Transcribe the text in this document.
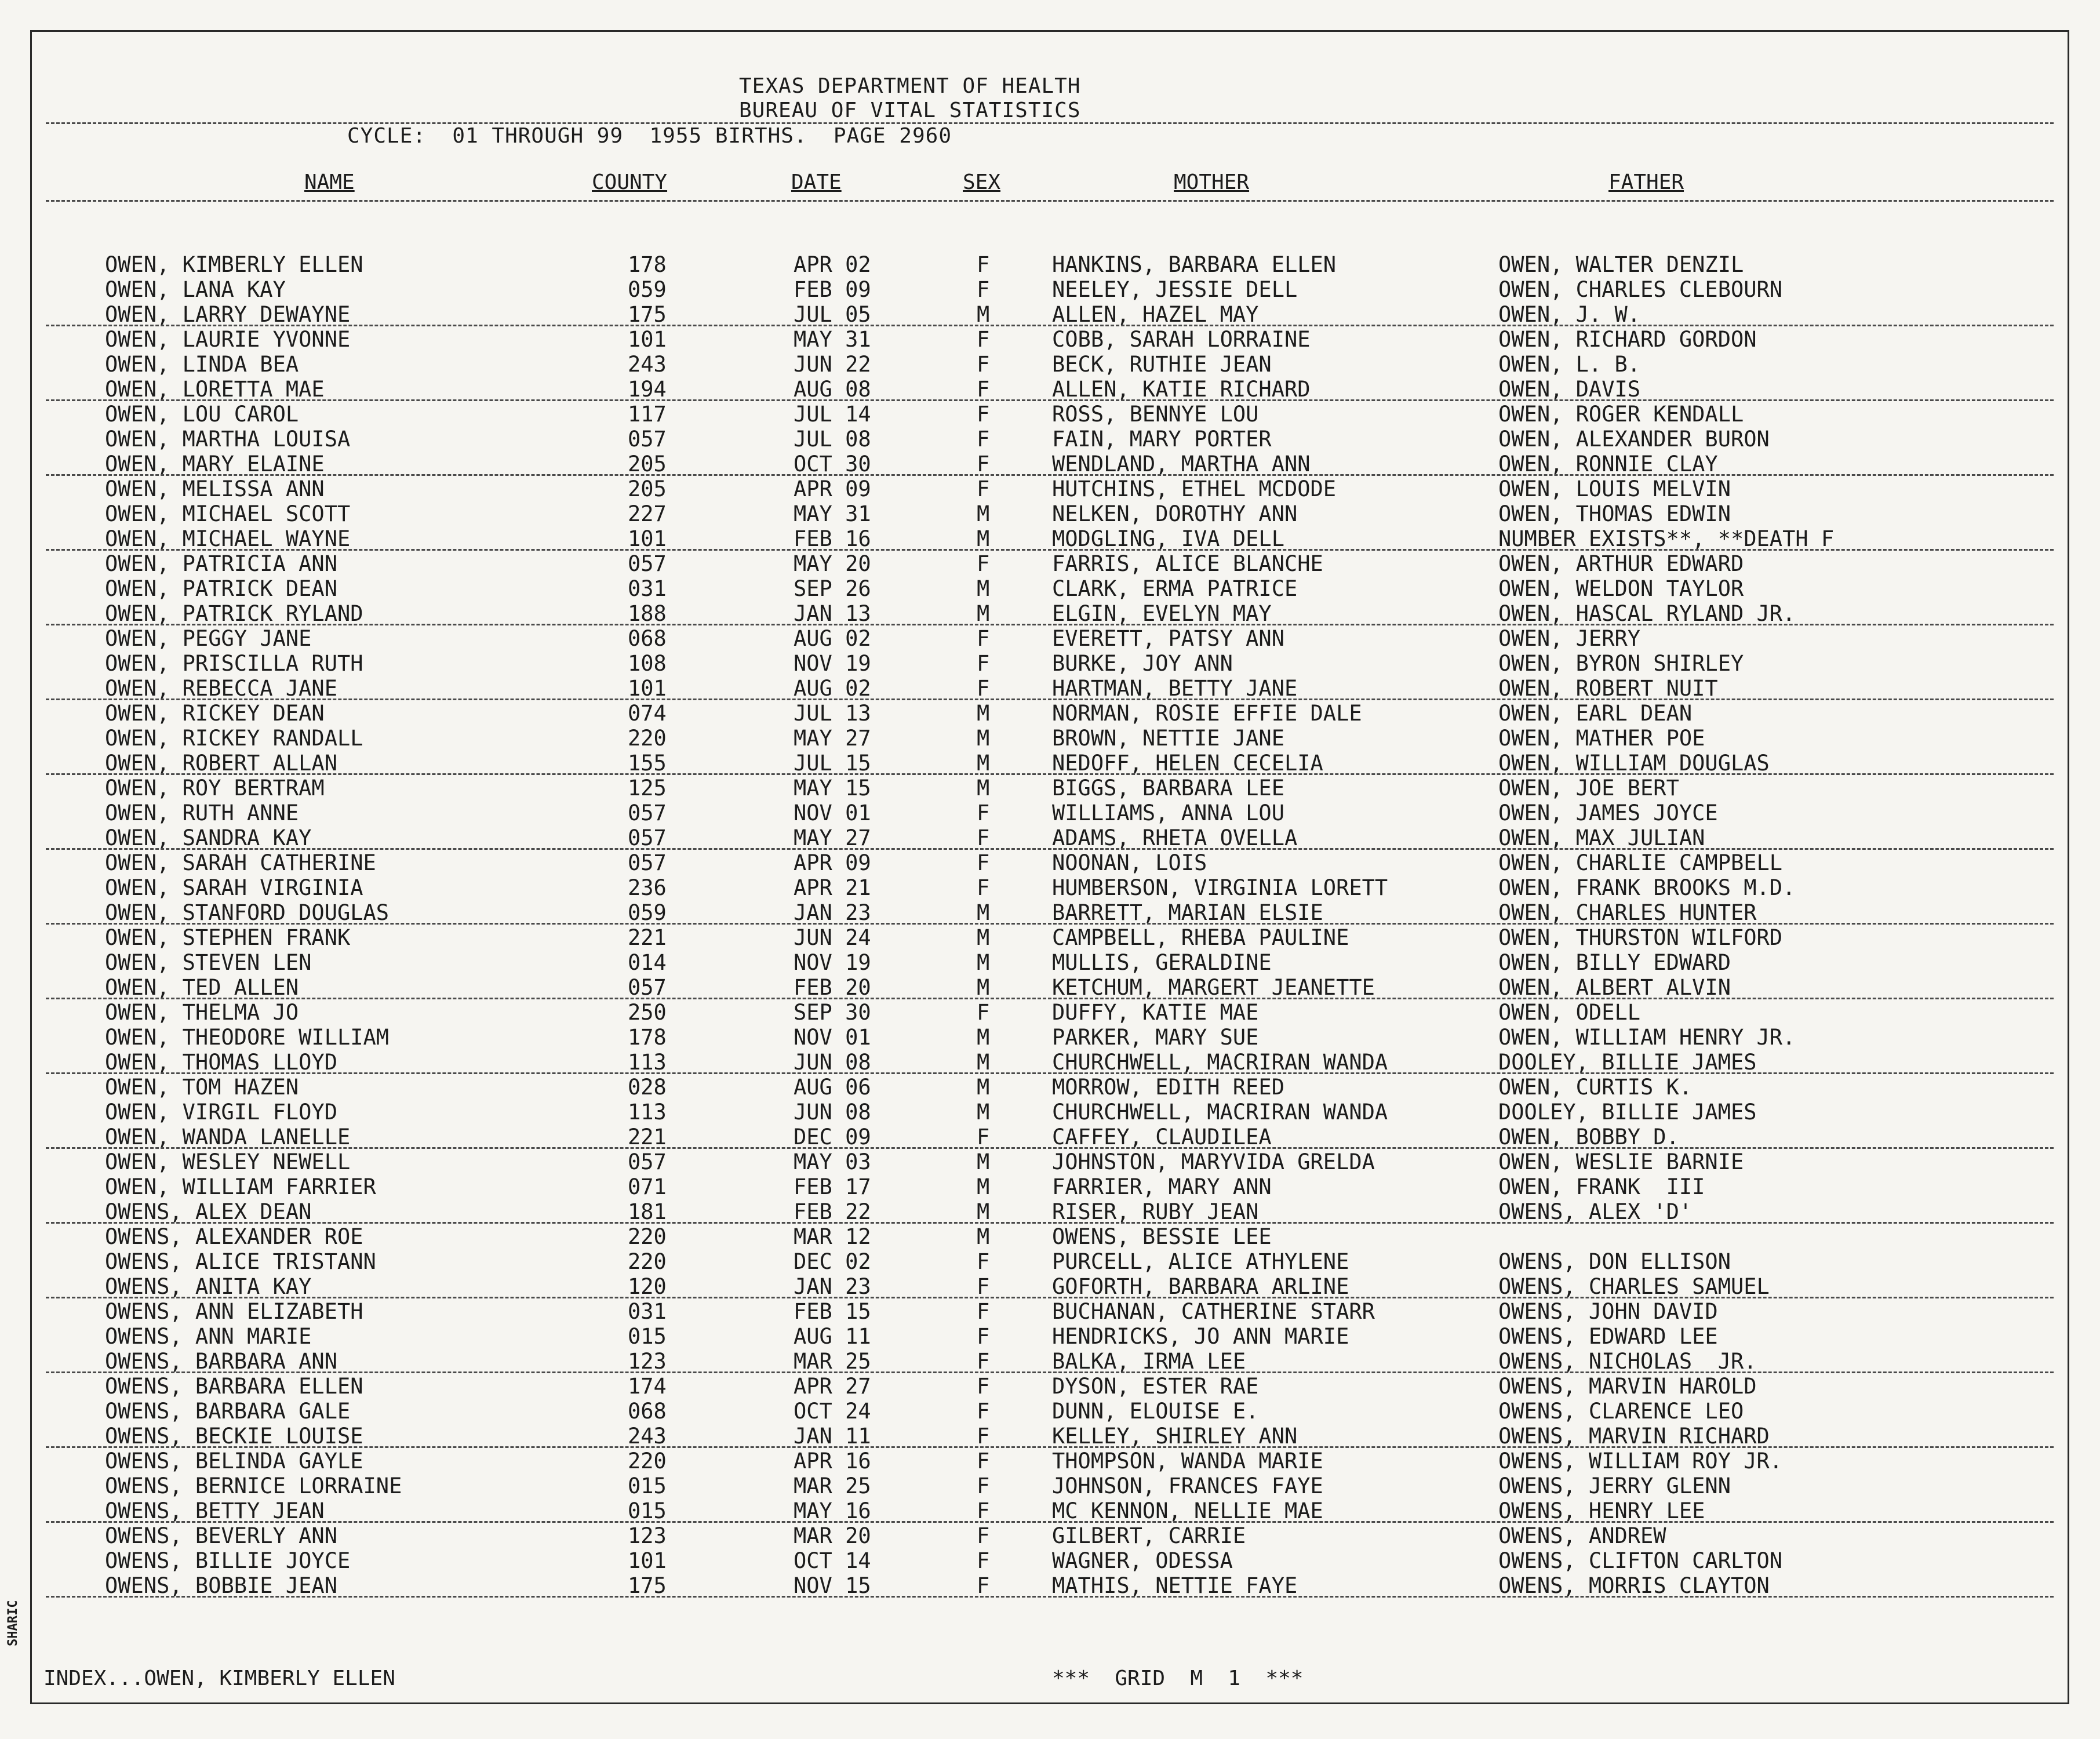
TEXAS DEPARTMENT OF HEALTH
BUREAU OF VITAL STATISTICS
CYCLE:  01 THROUGH 99  1955 BIRTHS.  PAGE 2960
NAME	COUNTY	DATE	SEX	MOTHER	FATHER
OWEN, KIMBERLY ELLEN	178	APR 02	F	HANKINS, BARBARA ELLEN	OWEN, WALTER DENZIL
OWEN, LANA KAY	059	FEB 09	F	NEELEY, JESSIE DELL	OWEN, CHARLES CLEBOURN
OWEN, LARRY DEWAYNE	175	JUL 05	M	ALLEN, HAZEL MAY	OWEN, J. W.
OWEN, LAURIE YVONNE	101	MAY 31	F	COBB, SARAH LORRAINE	OWEN, RICHARD GORDON
OWEN, LINDA BEA	243	JUN 22	F	BECK, RUTHIE JEAN	OWEN, L. B.
OWEN, LORETTA MAE	194	AUG 08	F	ALLEN, KATIE RICHARD	OWEN, DAVIS
OWEN, LOU CAROL	117	JUL 14	F	ROSS, BENNYE LOU	OWEN, ROGER KENDALL
OWEN, MARTHA LOUISA	057	JUL 08	F	FAIN, MARY PORTER	OWEN, ALEXANDER BURON
OWEN, MARY ELAINE	205	OCT 30	F	WENDLAND, MARTHA ANN	OWEN, RONNIE CLAY
OWEN, MELISSA ANN	205	APR 09	F	HUTCHINS, ETHEL MCDODE	OWEN, LOUIS MELVIN
OWEN, MICHAEL SCOTT	227	MAY 31	M	NELKEN, DOROTHY ANN	OWEN, THOMAS EDWIN
OWEN, MICHAEL WAYNE	101	FEB 16	M	MODGLING, IVA DELL	NUMBER EXISTS**, **DEATH F
OWEN, PATRICIA ANN	057	MAY 20	F	FARRIS, ALICE BLANCHE	OWEN, ARTHUR EDWARD
OWEN, PATRICK DEAN	031	SEP 26	M	CLARK, ERMA PATRICE	OWEN, WELDON TAYLOR
OWEN, PATRICK RYLAND	188	JAN 13	M	ELGIN, EVELYN MAY	OWEN, HASCAL RYLAND JR.
OWEN, PEGGY JANE	068	AUG 02	F	EVERETT, PATSY ANN	OWEN, JERRY
OWEN, PRISCILLA RUTH	108	NOV 19	F	BURKE, JOY ANN	OWEN, BYRON SHIRLEY
OWEN, REBECCA JANE	101	AUG 02	F	HARTMAN, BETTY JANE	OWEN, ROBERT NUIT
OWEN, RICKEY DEAN	074	JUL 13	M	NORMAN, ROSIE EFFIE DALE	OWEN, EARL DEAN
OWEN, RICKEY RANDALL	220	MAY 27	M	BROWN, NETTIE JANE	OWEN, MATHER POE
OWEN, ROBERT ALLAN	155	JUL 15	M	NEDOFF, HELEN CECELIA	OWEN, WILLIAM DOUGLAS
OWEN, ROY BERTRAM	125	MAY 15	M	BIGGS, BARBARA LEE	OWEN, JOE BERT
OWEN, RUTH ANNE	057	NOV 01	F	WILLIAMS, ANNA LOU	OWEN, JAMES JOYCE
OWEN, SANDRA KAY	057	MAY 27	F	ADAMS, RHETA OVELLA	OWEN, MAX JULIAN
OWEN, SARAH CATHERINE	057	APR 09	F	NOONAN, LOIS	OWEN, CHARLIE CAMPBELL
OWEN, SARAH VIRGINIA	236	APR 21	F	HUMBERSON, VIRGINIA LORETT	OWEN, FRANK BROOKS M.D.
OWEN, STANFORD DOUGLAS	059	JAN 23	M	BARRETT, MARIAN ELSIE	OWEN, CHARLES HUNTER
OWEN, STEPHEN FRANK	221	JUN 24	M	CAMPBELL, RHEBA PAULINE	OWEN, THURSTON WILFORD
OWEN, STEVEN LEN	014	NOV 19	M	MULLIS, GERALDINE	OWEN, BILLY EDWARD
OWEN, TED ALLEN	057	FEB 20	M	KETCHUM, MARGERT JEANETTE	OWEN, ALBERT ALVIN
OWEN, THELMA JO	250	SEP 30	F	DUFFY, KATIE MAE	OWEN, ODELL
OWEN, THEODORE WILLIAM	178	NOV 01	M	PARKER, MARY SUE	OWEN, WILLIAM HENRY JR.
OWEN, THOMAS LLOYD	113	JUN 08	M	CHURCHWELL, MACRIRAN WANDA	DOOLEY, BILLIE JAMES
OWEN, TOM HAZEN	028	AUG 06	M	MORROW, EDITH REED	OWEN, CURTIS K.
OWEN, VIRGIL FLOYD	113	JUN 08	M	CHURCHWELL, MACRIRAN WANDA	DOOLEY, BILLIE JAMES
OWEN, WANDA LANELLE	221	DEC 09	F	CAFFEY, CLAUDILEA	OWEN, BOBBY D.
OWEN, WESLEY NEWELL	057	MAY 03	M	JOHNSTON, MARYVIDA GRELDA	OWEN, WESLIE BARNIE
OWEN, WILLIAM FARRIER	071	FEB 17	M	FARRIER, MARY ANN	OWEN, FRANK  III
OWENS, ALEX DEAN	181	FEB 22	M	RISER, RUBY JEAN	OWENS, ALEX 'D'
OWENS, ALEXANDER ROE	220	MAR 12	M	OWENS, BESSIE LEE
OWENS, ALICE TRISTANN	220	DEC 02	F	PURCELL, ALICE ATHYLENE	OWENS, DON ELLISON
OWENS, ANITA KAY	120	JAN 23	F	GOFORTH, BARBARA ARLINE	OWENS, CHARLES SAMUEL
OWENS, ANN ELIZABETH	031	FEB 15	F	BUCHANAN, CATHERINE STARR	OWENS, JOHN DAVID
OWENS, ANN MARIE	015	AUG 11	F	HENDRICKS, JO ANN MARIE	OWENS, EDWARD LEE
OWENS, BARBARA ANN	123	MAR 25	F	BALKA, IRMA LEE	OWENS, NICHOLAS  JR.
OWENS, BARBARA ELLEN	174	APR 27	F	DYSON, ESTER RAE	OWENS, MARVIN HAROLD
OWENS, BARBARA GALE	068	OCT 24	F	DUNN, ELOUISE E.	OWENS, CLARENCE LEO
OWENS, BECKIE LOUISE	243	JAN 11	F	KELLEY, SHIRLEY ANN	OWENS, MARVIN RICHARD
OWENS, BELINDA GAYLE	220	APR 16	F	THOMPSON, WANDA MARIE	OWENS, WILLIAM ROY JR.
OWENS, BERNICE LORRAINE	015	MAR 25	F	JOHNSON, FRANCES FAYE	OWENS, JERRY GLENN
OWENS, BETTY JEAN	015	MAY 16	F	MC KENNON, NELLIE MAE	OWENS, HENRY LEE
OWENS, BEVERLY ANN	123	MAR 20	F	GILBERT, CARRIE	OWENS, ANDREW
OWENS, BILLIE JOYCE	101	OCT 14	F	WAGNER, ODESSA	OWENS, CLIFTON CARLTON
OWENS, BOBBIE JEAN	175	NOV 15	F	MATHIS, NETTIE FAYE	OWENS, MORRIS CLAYTON
INDEX...OWEN, KIMBERLY ELLEN	***  GRID  M  1  ***
SHARIC
